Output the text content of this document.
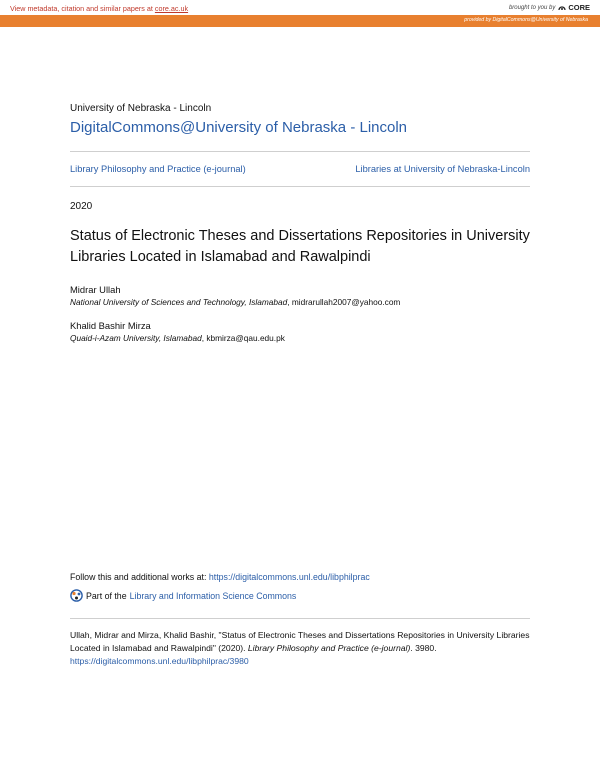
View metadata, citation and similar papers at core.ac.uk	brought to you by CORE
provided by DigitalCommons@University of Nebraska
University of Nebraska - Lincoln
DigitalCommons@University of Nebraska - Lincoln
Library Philosophy and Practice (e-journal)	Libraries at University of Nebraska-Lincoln
2020
Status of Electronic Theses and Dissertations Repositories in University Libraries Located in Islamabad and Rawalpindi
Midrar Ullah
National University of Sciences and Technology, Islamabad, midrarullah2007@yahoo.com
Khalid Bashir Mirza
Quaid-i-Azam University, Islamabad, kbmirza@qau.edu.pk
Follow this and additional works at: https://digitalcommons.unl.edu/libphilprac
Part of the Library and Information Science Commons
Ullah, Midrar and Mirza, Khalid Bashir, "Status of Electronic Theses and Dissertations Repositories in University Libraries Located in Islamabad and Rawalpindi" (2020). Library Philosophy and Practice (e-journal). 3980.
https://digitalcommons.unl.edu/libphilprac/3980
